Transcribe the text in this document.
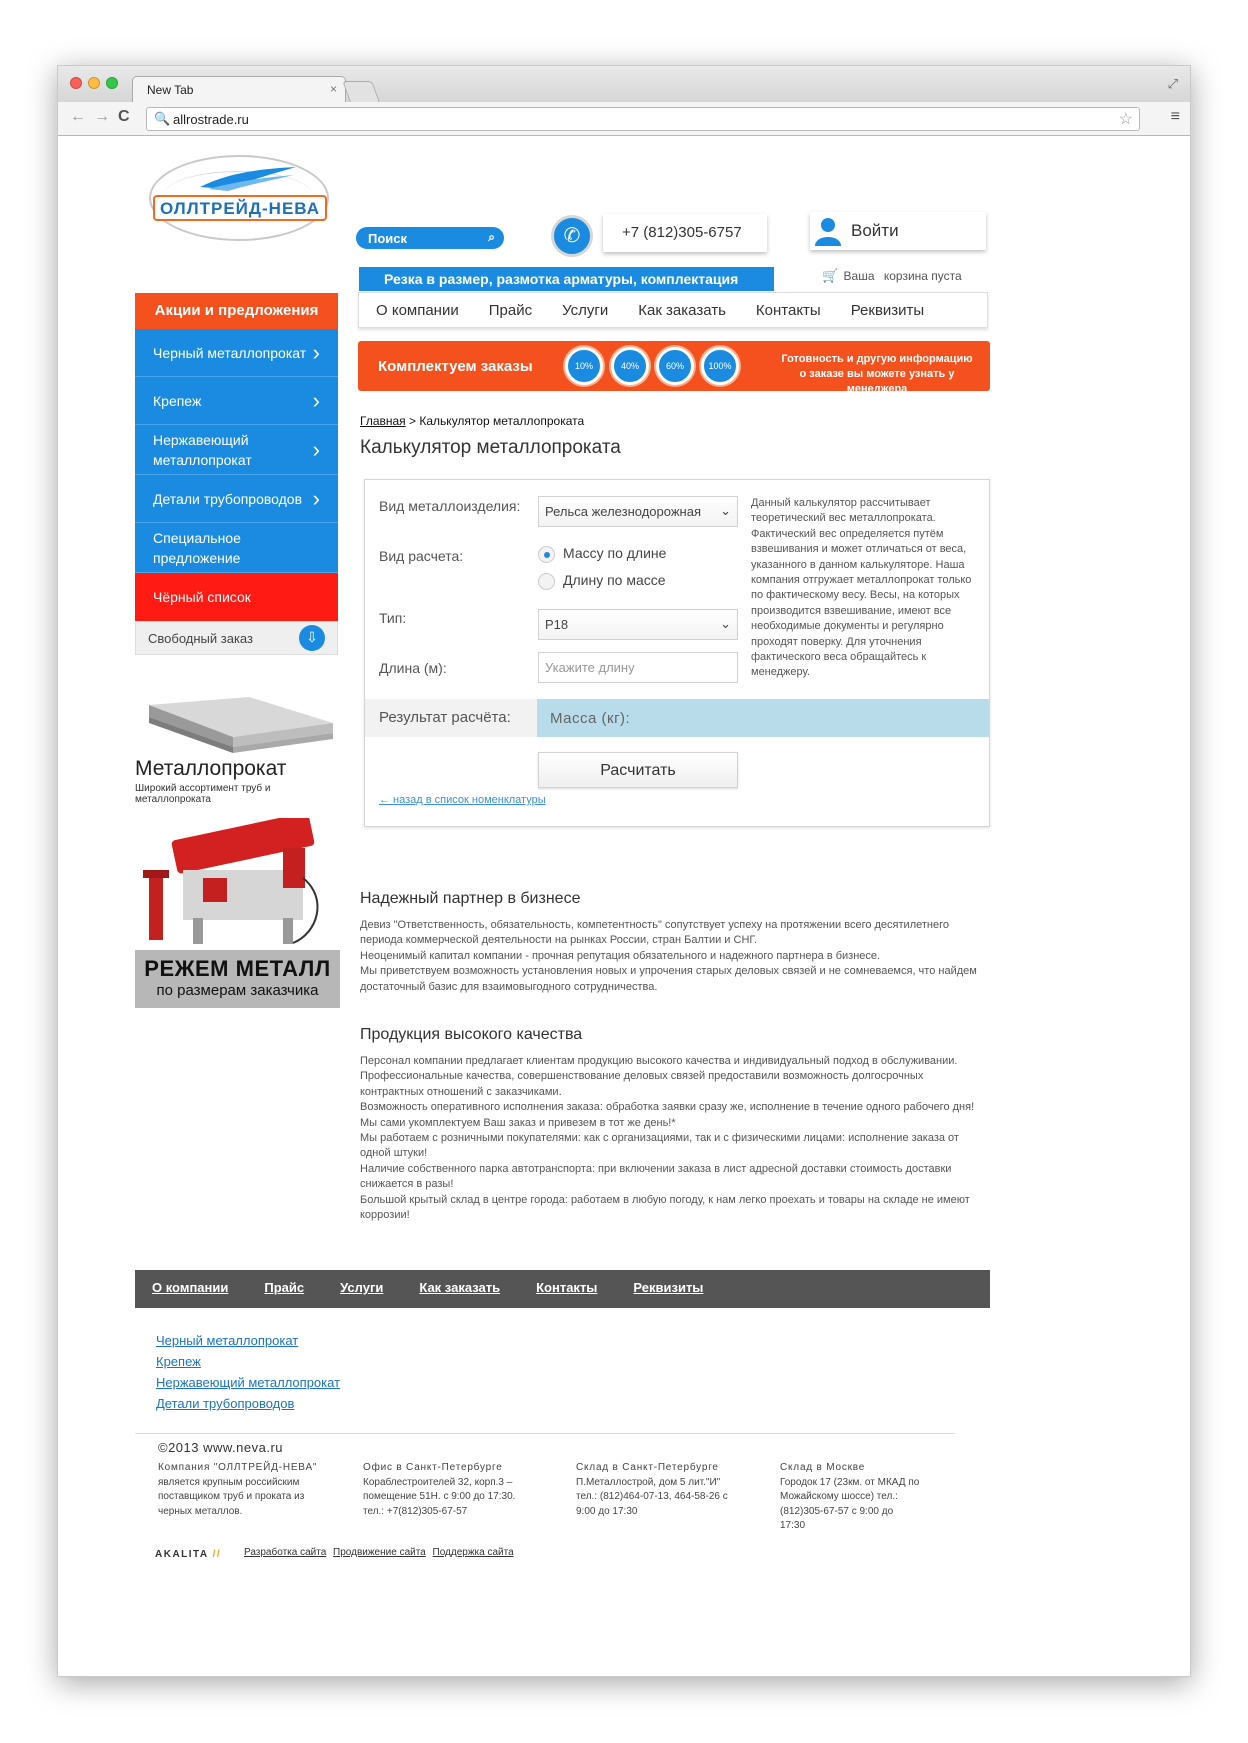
New Tab	×	⤢
← → C 🔍 allrostrade.ru	☆ ≡
ОЛЛТРЕЙД-НЕВА
Поиск	⌕	✆	+7 (812)305-6757	Войти
Резка в размер, размотка арматуры, комплектация	🛒 Ваша корзина пуста
О компании	Прайс	Услуги	Как заказать	Контакты	Реквизиты
Комплектуем заказы	10%	40%	60%	100%
Готовность и другую информацию о заказе вы можете узнать у менеджера
Акции и предложения
Черный металлопрокат ›
Крепеж	›
Нержавеющий металлопрокат	›
Детали трубопроводов ›
Специальное предложение
Чёрный список
Свободный заказ	⇩
Металлопрокат
Широкий ассортимент труб и металлопроката
РЕЖЕМ МЕТАЛЛ
по размерам заказчика
Главная > Калькулятор металлопроката
Калькулятор металлопроката
Вид металлоизделия:	Рельса железнодорожная ⌄
Вид расчета:	Массу по длине
Длину по массе
Тип:	P18	⌄
Длина (м):	Укажите длину
Данный калькулятор рассчитывает теоретический вес металлопроката. Фактический вес определяется путём взвешивания и может отличаться от веса, указанного в данном калькуляторе. Наша компания отгружает металлопрокат только по фактическому весу. Весы, на которых производится взвешивание, имеют все необходимые документы и регулярно проходят поверку. Для уточнения фактического веса обращайтесь к менеджеру.
Результат расчёта:	Масса (кг):
Расчитать
← назад в список номенклатуры
Надежный партнер в бизнесе
Девиз "Ответственность, обязательность, компетентность" сопутствует успеху на протяжении всего десятилетнего периода коммерческой деятельности на рынках России, стран Балтии и СНГ.
Неоценимый капитал компании - прочная репутация обязательного и надежного партнера в бизнесе.
Мы приветствуем возможность установления новых и упрочения старых деловых связей и не сомневаемся, что найдем достаточный базис для взаимовыгодного сотрудничества.
Продукция высокого качества
Персонал компании предлагает клиентам продукцию высокого качества и индивидуальный подход в обслуживании.
Профессиональные качества, совершенствование деловых связей предоставили возможность долгосрочных контрактных отношений с заказчиками.
Возможность оперативного исполнения заказа: обработка заявки сразу же, исполнение в течение одного рабочего дня!
Мы сами укомплектуем Ваш заказ и привезем в тот же день!*
Мы работаем с розничными покупателями: как с организациями, так и с физическими лицами: исполнение заказа от одной штуки!
Наличие собственного парка автотранспорта: при включении заказа в лист адресной доставки стоимость доставки снижается в разы!
Большой крытый склад в центре города: работаем в любую погоду, к нам легко проехать и товары на складе не имеют коррозии!
О компании	Прайс	Услуги	Как заказать	Контакты	Реквизиты
Черный металлопрокат
Крепеж
Нержавеющий металлопрокат
Детали трубопроводов
©2013 www.neva.ru
Компания "ОЛЛТРЕЙД-НЕВА"
является крупным российским поставщиком труб и проката из черных металлов.
Офис в Санкт-Петербурге
Кораблестроителей 32, корп.3 – помещение 51Н. с 9:00 до 17:30. тел.: +7(812)305-67-57
Склад в Санкт-Петербурге
П.Металлострой, дом 5 лит."И" тел.: (812)464-07-13, 464-58-26 с 9:00 до 17:30
Склад в Москве
Городок 17 (23км. от МКАД по Можайскому шоссе) тел.: (812)305-67-57 с 9:00 до 17:30
AKALITA // Разработка сайта Продвижение сайта Поддержка сайта
